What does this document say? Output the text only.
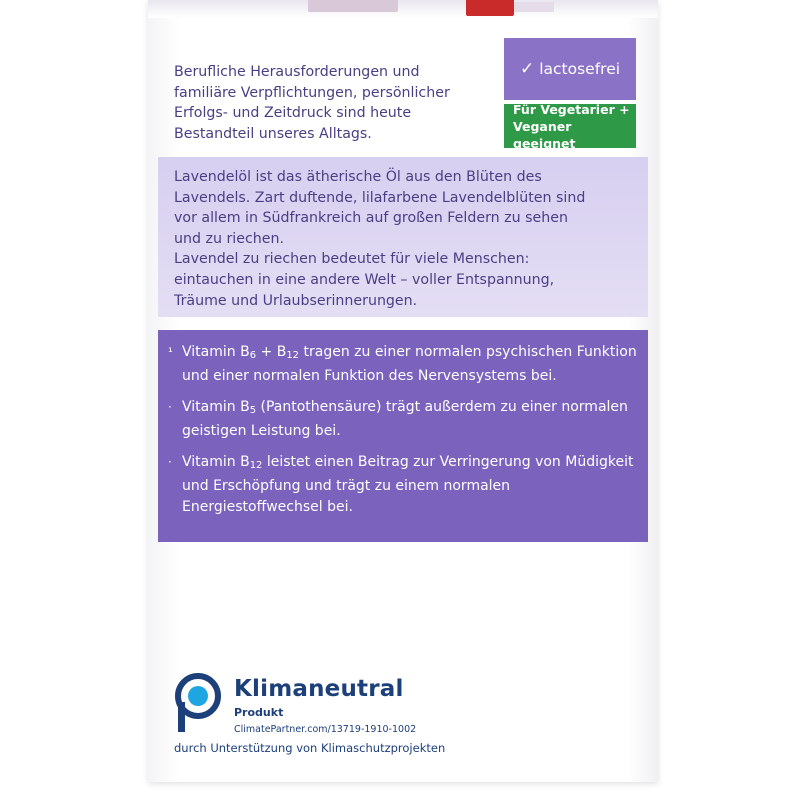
Berufliche Herausforderungen und
familiäre Verpflichtungen, persönlicher
Erfolgs- und Zeitdruck sind heute
Bestandteil unseres Alltags.
✓ lactosefrei
Für Vegetarier +
Veganer geeignet
Lavendelöl ist das ätherische Öl aus den Blüten des
Lavendels. Zart duftende, lilafarbene Lavendelblüten sind
vor allem in Südfrankreich auf großen Feldern zu sehen
und zu riechen.
Lavendel zu riechen bedeutet für viele Menschen:
eintauchen in eine andere Welt – voller Entspannung,
Träume und Urlaubserinnerungen.
¹ Vitamin $B_6 + B_{12}$ tragen zu einer normalen psychischen Funktion und einer normalen Funktion des Nervensystems bei.
· Vitamin $B_5$ (Pantothensäure) trägt außerdem zu einer normalen geistigen Leistung bei.
· Vitamin $B_{12}$ leistet einen Beitrag zur Verringerung von Müdigkeit und Erschöpfung und trägt zu einem normalen Energiestoffwechsel bei.
Klimaneutral
Produkt
ClimatePartner.com/13719-1910-1002
durch Unterstützung von Klimaschutzprojekten
